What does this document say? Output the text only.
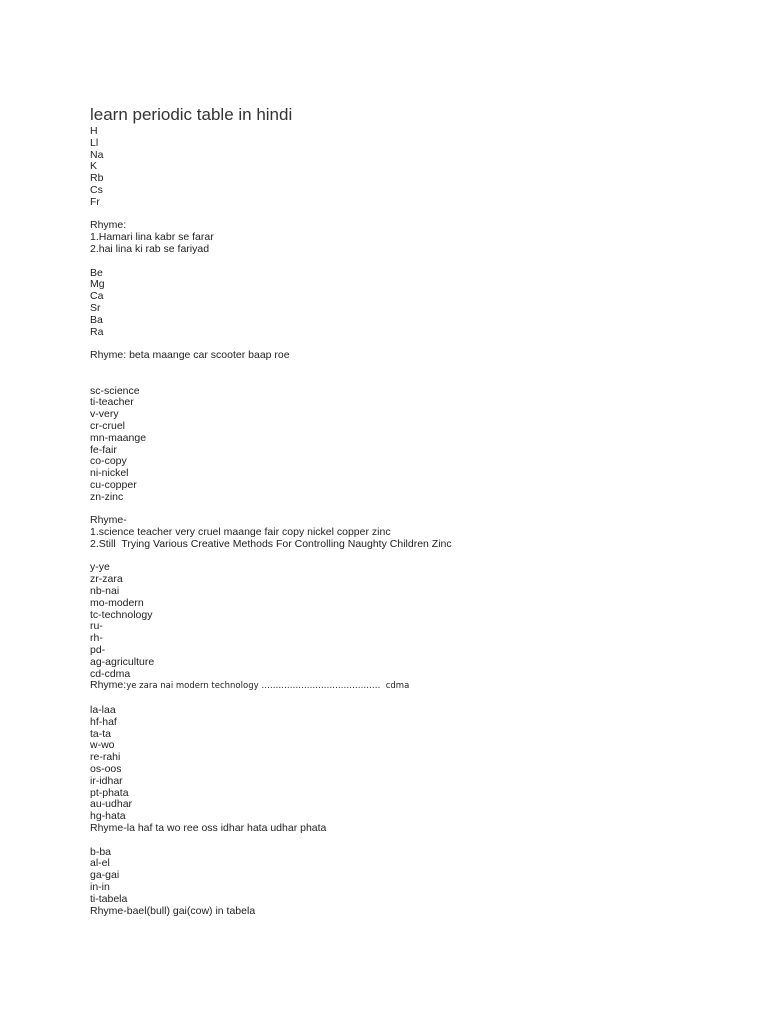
learn periodic table in hindi

H

Ll

Na

K

Rb

Cs

Fr

Rhyme:

1.Hamari lina kabr se farar

2.hai lina ki rab se fariyad

Be

Mg

Ca

Sr

Ba

Ra

Rhyme: beta maange car scooter baap roe

sc-science

ti-teacher

v-very

cr-cruel

mn-maange

fe-fair

co-copy

ni-nickel

cu-copper

zn-zinc

Rhyme-

1.science teacher very cruel maange fair copy nickel copper zinc

2.Still  Trying Various Creative Methods For Controlling Naughty Children Zinc

y-ye

zr-zara

nb-nai

mo-modern

tc-technology

ru-

rh-

pd-

ag-agriculture

cd-cdma

Rhyme:ye zara nai modern technology ……………………………………  cdma

la-laa

hf-haf

ta-ta

w-wo

re-rahi

os-oos

ir-idhar

pt-phata

au-udhar

hg-hata

Rhyme-la haf ta wo ree oss idhar hata udhar phata

b-ba

al-el

ga-gai

in-in

ti-tabela

Rhyme-bael(bull) gai(cow) in tabela
